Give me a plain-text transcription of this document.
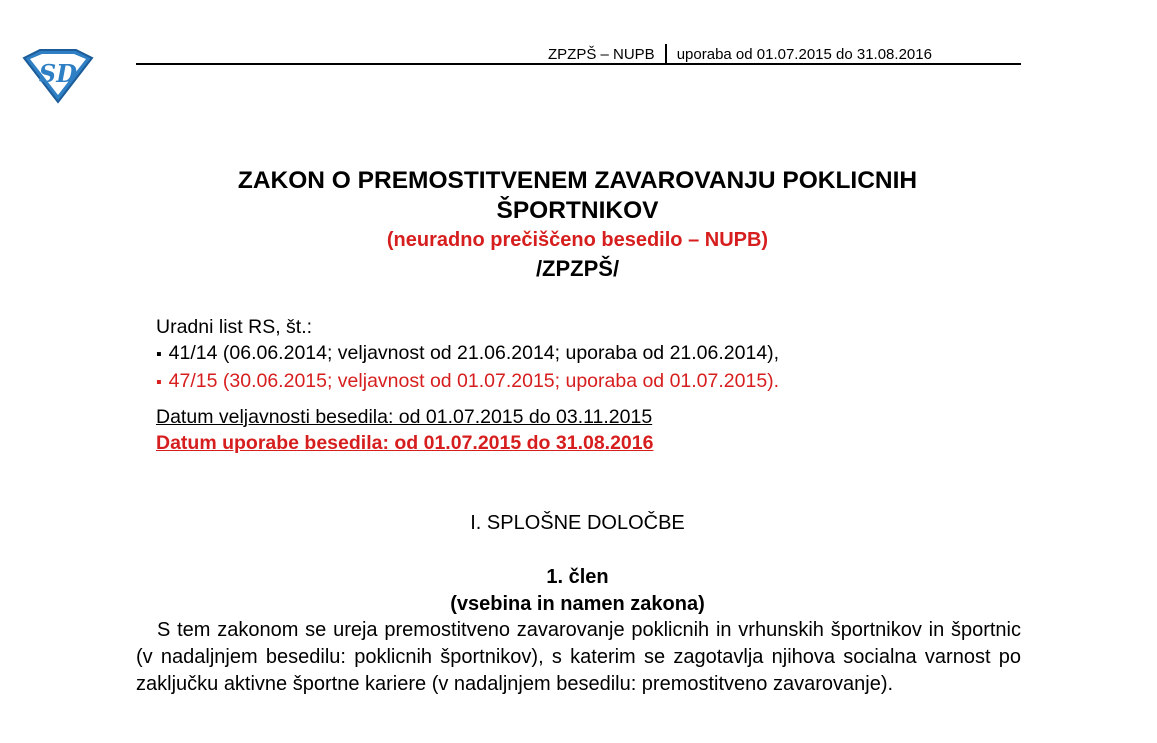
SD
ZPZPŠ – NUPB uporaba od 01.07.2015 do 31.08.2016
ZAKON O PREMOSTITVENEM ZAVAROVANJU POKLICNIH
ŠPORTNIKOV
(neuradno prečiščeno besedilo – NUPB)
/ZPZPŠ/
Uradni list RS, št.:
▪ 41/14 (06.06.2014; veljavnost od 21.06.2014; uporaba od 21.06.2014),
▪ 47/15 (30.06.2015; veljavnost od 01.07.2015; uporaba od 01.07.2015).
Datum veljavnosti besedila: od 01.07.2015 do 03.11.2015
Datum uporabe besedila: od 01.07.2015 do 31.08.2016
I. SPLOŠNE DOLOČBE
1. člen
(vsebina in namen zakona)
S tem zakonom se ureja premostitveno zavarovanje poklicnih in vrhunskih športnikov in športnic (v nadaljnjem besedilu: poklicnih športnikov), s katerim se zagotavlja njihova socialna varnost po zaključku aktivne športne kariere (v nadaljnjem besedilu: premostitveno zavarovanje).
